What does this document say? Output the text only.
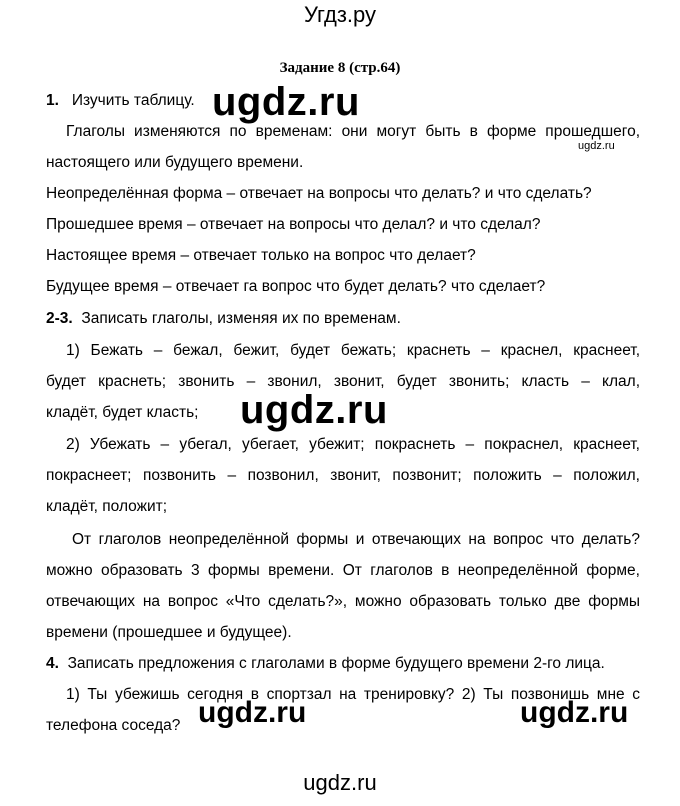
Угдз.ру
Задание 8 (стр.64)
1. Изучить таблицу. ugdz.ru
Глаголы изменяются по временам: они могут быть в форме прошедшего,
ugdz.ru
настоящего или будущего времени.
Неопределённая форма – отвечает на вопросы что делать? и что сделать?
Прошедшее время – отвечает на вопросы что делал? и что сделал?
Настоящее время – отвечает только на вопрос что делает?
Будущее время – отвечает га вопрос что будет делать? что сделает?
2-3. Записать глаголы, изменяя их по временам.
1) Бежать – бежал, бежит, будет бежать; краснеть – краснел, краснеет,
будет краснеть; звонить – звонил, звонит, будет звонить; класть – клал,
кладёт, будет класть; ugdz.ru
2) Убежать – убегал, убегает, убежит; покраснеть – покраснел, краснеет,
покраснеет; позвонить – позвонил, звонит, позвонит; положить – положил,
кладёт, положит;
От глаголов неопределённой формы и отвечающих на вопрос что делать?
можно образовать 3 формы времени. От глаголов в неопределённой форме,
отвечающих на вопрос «Что сделать?», можно образовать только две формы
времени (прошедшее и будущее).
4. Записать предложения с глаголами в форме будущего времени 2-го лица.
1) Ты убежишь сегодня в спортзал на тренировку? 2) Ты позвонишь мне с
телефона соседа? ugdz.ru	ugdz.ru
ugdz.ru
